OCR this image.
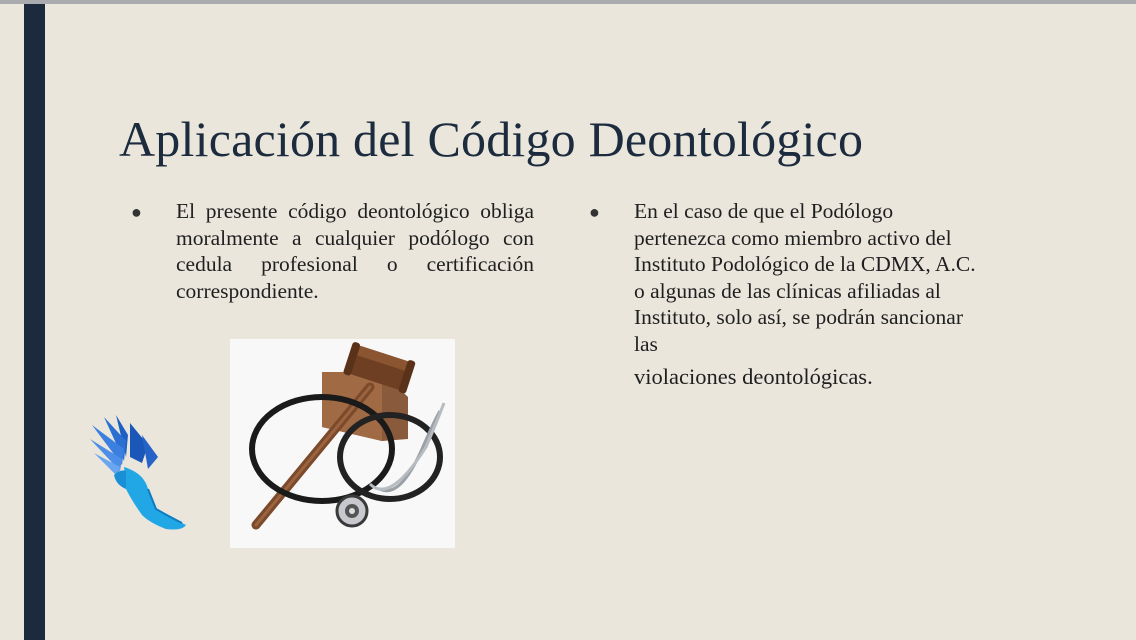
Aplicación del Código Deontológico
● El presente código deontológico obliga moralmente a cualquier podólogo con cedula profesional o certificación correspondiente.
● En el caso de que el Podólogo pertenezca como miembro activo del Instituto Podológico de la CDMX, A.C. o algunas de las clínicas afiliadas al Instituto, solo así, se podrán sancionar las
violaciones deontológicas.
